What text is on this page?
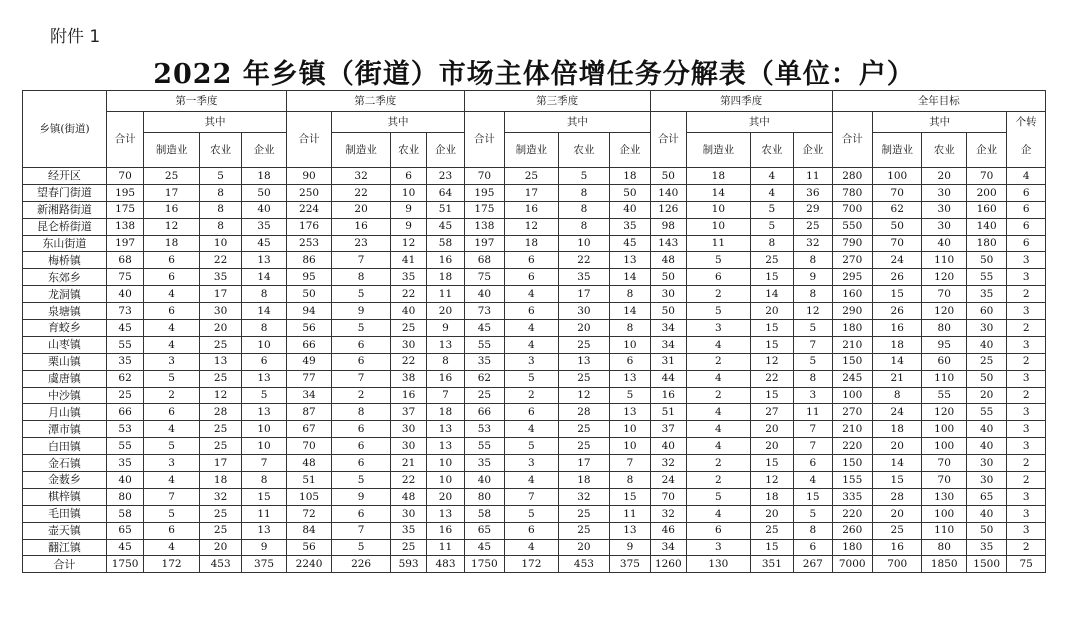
附件 1
2022 年乡镇（街道）市场主体倍增任务分解表（单位：户）
乡镇(街道)	第一季度				第二季度				第三季度				第四季度				全年目标				
	合计	其中			合计	其中			合计	其中			合计	其中			合计	其中			个转
		制造业	农业	企业		制造业	农业	企业		制造业	农业	企业		制造业	农业	企业		制造业	农业	企业	企
经开区	70	25	5	18	90	32	6	23	70	25	5	18	50	18	4	11	280	100	20	70	4
望春门街道	195	17	8	50	250	22	10	64	195	17	8	50	140	14	4	36	780	70	30	200	6
新湘路街道	175	16	8	40	224	20	9	51	175	16	8	40	126	10	5	29	700	62	30	160	6
昆仑桥街道	138	12	8	35	176	16	9	45	138	12	8	35	98	10	5	25	550	50	30	140	6
东山街道	197	18	10	45	253	23	12	58	197	18	10	45	143	11	8	32	790	70	40	180	6
梅桥镇	68	6	22	13	86	7	41	16	68	6	22	13	48	5	25	8	270	24	110	50	3
东郊乡	75	6	35	14	95	8	35	18	75	6	35	14	50	6	15	9	295	26	120	55	3
龙洞镇	40	4	17	8	50	5	22	11	40	4	17	8	30	2	14	8	160	15	70	35	2
泉塘镇	73	6	30	14	94	9	40	20	73	6	30	14	50	5	20	12	290	26	120	60	3
育蛟乡	45	4	20	8	56	5	25	9	45	4	20	8	34	3	15	5	180	16	80	30	2
山枣镇	55	4	25	10	66	6	30	13	55	4	25	10	34	4	15	7	210	18	95	40	3
栗山镇	35	3	13	6	49	6	22	8	35	3	13	6	31	2	12	5	150	14	60	25	2
虞唐镇	62	5	25	13	77	7	38	16	62	5	25	13	44	4	22	8	245	21	110	50	3
中沙镇	25	2	12	5	34	2	16	7	25	2	12	5	16	2	15	3	100	8	55	20	2
月山镇	66	6	28	13	87	8	37	18	66	6	28	13	51	4	27	11	270	24	120	55	3
潭市镇	53	4	25	10	67	6	30	13	53	4	25	10	37	4	20	7	210	18	100	40	3
白田镇	55	5	25	10	70	6	30	13	55	5	25	10	40	4	20	7	220	20	100	40	3
金石镇	35	3	17	7	48	6	21	10	35	3	17	7	32	2	15	6	150	14	70	30	2
金薮乡	40	4	18	8	51	5	22	10	40	4	18	8	24	2	12	4	155	15	70	30	2
棋梓镇	80	7	32	15	105	9	48	20	80	7	32	15	70	5	18	15	335	28	130	65	3
毛田镇	58	5	25	11	72	6	30	13	58	5	25	11	32	4	20	5	220	20	100	40	3
壶天镇	65	6	25	13	84	7	35	16	65	6	25	13	46	6	25	8	260	25	110	50	3
翻江镇	45	4	20	9	56	5	25	11	45	4	20	9	34	3	15	6	180	16	80	35	2
合计	1750	172	453	375	2240	226	593	483	1750	172	453	375	1260	130	351	267	7000	700	1850	1500	75
